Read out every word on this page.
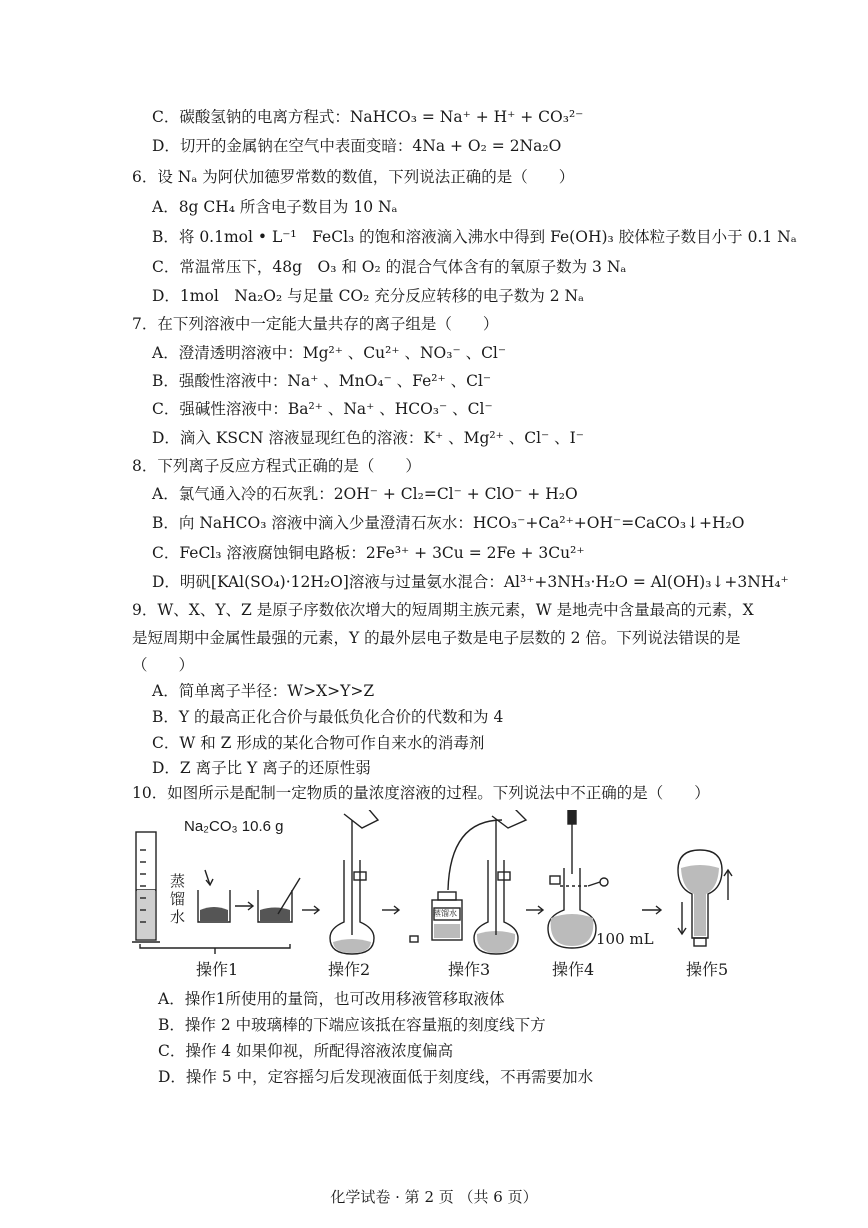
C．碳酸氢钠的电离方程式：NaHCO₃ = Na⁺ + H⁺ + CO₃²⁻
D．切开的金属钠在空气中表面变暗：4Na + O₂ = 2Na₂O
6．设 Nₐ 为阿伏加德罗常数的数值，下列说法正确的是（　　）
A．8g CH₄ 所含电子数目为 10 Nₐ
B．将 0.1mol • L⁻¹　FeCl₃ 的饱和溶液滴入沸水中得到 Fe(OH)₃ 胶体粒子数目小于 0.1 Nₐ
C．常温常压下，48g　O₃ 和 O₂ 的混合气体含有的氧原子数为 3 Nₐ
D．1mol　Na₂O₂ 与足量 CO₂ 充分反应转移的电子数为 2 Nₐ
7．在下列溶液中一定能大量共存的离子组是（　　）
A．澄清透明溶液中：Mg²⁺ 、Cu²⁺ 、NO₃⁻ 、Cl⁻
B．强酸性溶液中：Na⁺ 、MnO₄⁻ 、Fe²⁺ 、Cl⁻
C．强碱性溶液中：Ba²⁺ 、Na⁺ 、HCO₃⁻ 、Cl⁻
D．滴入 KSCN 溶液显现红色的溶液：K⁺ 、Mg²⁺ 、Cl⁻ 、I⁻
8．下列离子反应方程式正确的是（　　）
A．氯气通入冷的石灰乳：2OH⁻ + Cl₂=Cl⁻ + ClO⁻ + H₂O
B．向 NaHCO₃ 溶液中滴入少量澄清石灰水：HCO₃⁻+Ca²⁺+OH⁻=CaCO₃↓+H₂O
C．FeCl₃ 溶液腐蚀铜电路板：2Fe³⁺ + 3Cu = 2Fe + 3Cu²⁺
D．明矾[KAl(SO₄)·12H₂O]溶液与过量氨水混合：Al³⁺+3NH₃·H₂O = Al(OH)₃↓+3NH₄⁺
9．W、X、Y、Z 是原子序数依次增大的短周期主族元素，W 是地壳中含量最高的元素，X
是短周期中金属性最强的元素，Y 的最外层电子数是电子层数的 2 倍。下列说法错误的是
（　　）
A．简单离子半径：W>X>Y>Z
B．Y 的最高正化合价与最低负化合价的代数和为 4
C．W 和 Z 形成的某化合物可作自来水的消毒剂
D．Z 离子比 Y 离子的还原性弱
10．如图所示是配制一定物质的量浓度溶液的过程。下列说法中不正确的是（　　）
Na₂CO₃ 10.6 g
蒸
馏
水	蒸馏水
100 mL
操作1	操作2	操作3	操作4	操作5
A．操作1所使用的量筒，也可改用移液管移取液体
B．操作 2 中玻璃棒的下端应该抵在容量瓶的刻度线下方
C．操作 4 如果仰视，所配得溶液浓度偏高
D．操作 5 中，定容摇匀后发现液面低于刻度线，不再需要加水
化学试卷 · 第 2 页 （共 6 页）
